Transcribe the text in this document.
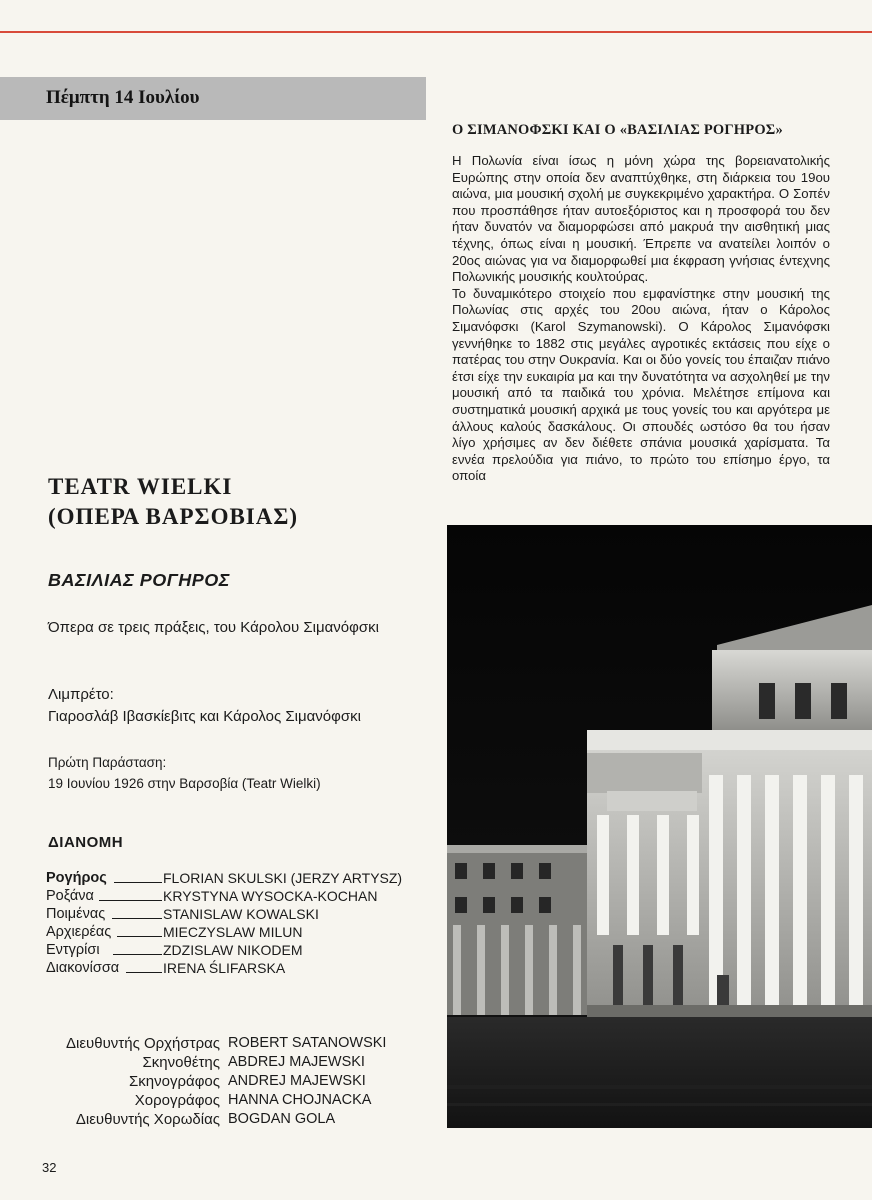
Πέμπτη 14 Ιουλίου
Ο ΣΙΜΑΝΟΦΣΚΙ ΚΑΙ Ο «ΒΑΣΙΛΙΑΣ ΡΟΓΗΡΟΣ»

Η Πολωνία είναι ίσως η μόνη χώρα της βορειανατολικής Ευρώπης στην οποία δεν αναπτύχθηκε, στη διάρκεια του 19ου αιώνα, μια μουσική σχολή με συγκεκριμένο χαρακτήρα. Ο Σοπέν που προσπάθησε ήταν αυτοεξόριστος και η προσφορά του δεν ήταν δυνατόν να διαμορφώσει από μακρυά την αισθητική μιας τέχνης, όπως είναι η μουσική. Έπρεπε να ανατείλει λοιπόν ο 20ος αιώνας για να διαμορφωθεί μια έκφραση γνήσιας έντεχνης Πολωνικής μουσικής κουλτούρας.

Το δυναμικότερο στοιχείο που εμφανίστηκε στην μουσική της Πολωνίας στις αρχές του 20ου αιώνα, ήταν ο Κάρολος Σιμανόφσκι (Karol Szymanowski). Ο Κάρολος Σιμανόφσκι γεννήθηκε το 1882 στις μεγάλες αγροτικές εκτάσεις που είχε ο πατέρας του στην Ουκρανία. Και οι δύο γονείς του έπαιζαν πιάνο έτσι είχε την ευκαιρία μα και την δυνατότητα να ασχοληθεί με την μουσική από τα παιδικά του χρόνια. Μελέτησε επίμονα και συστηματικά μουσική αρχικά με τους γονείς του και αργότερα με άλλους καλούς δασκάλους. Οι σπουδές ωστόσο θα του ήσαν λίγο χρήσιμες αν δεν διέθετε σπάνια μουσικά χαρίσματα. Τα εννέα πρελούδια για πιάνο, το πρώτο του επίσημο έργο, τα οποία

TEATR WIELKI
(ΟΠΕΡΑ ΒΑΡΣΟΒΙΑΣ)
ΒΑΣΙΛΙΑΣ ΡΟΓΗΡΟΣ
Όπερα σε τρεις πράξεις, του Κάρολου Σιμανόφσκι
Λιμπρέτο:
Γιαροσλάβ Ιβασκίεβιτς και Κάρολος Σιμανόφσκι
Πρώτη Παράσταση:
19 Ιουνίου 1926 στην Βαρσοβία (Teatr Wielki)
ΔΙΑΝΟΜΗ
Ρογήρος	FLORIAN SKULSKI (JERZY ARTYSZ)
Ροξάνα	KRYSTYNA WYSOCKA-KOCHAN
Ποιμένας	STANISLAW KOWALSKI
Αρχιερέας	MIECZYSLAW MILUN
Εντγρίσι	ZDZISLAW NIKODEM
Διακονίσσα	IRENA ŚLIFARSKA
Διευθυντής Ορχήστρας ROBERT SATANOWSKI
Σκηνοθέτης ABDREJ MAJEWSKI
Σκηνογράφος ANDREJ MAJEWSKI
Χορογράφος HANNA CHOJNACKA
Διευθυντής Χορωδίας BOGDAN GOLA
32
